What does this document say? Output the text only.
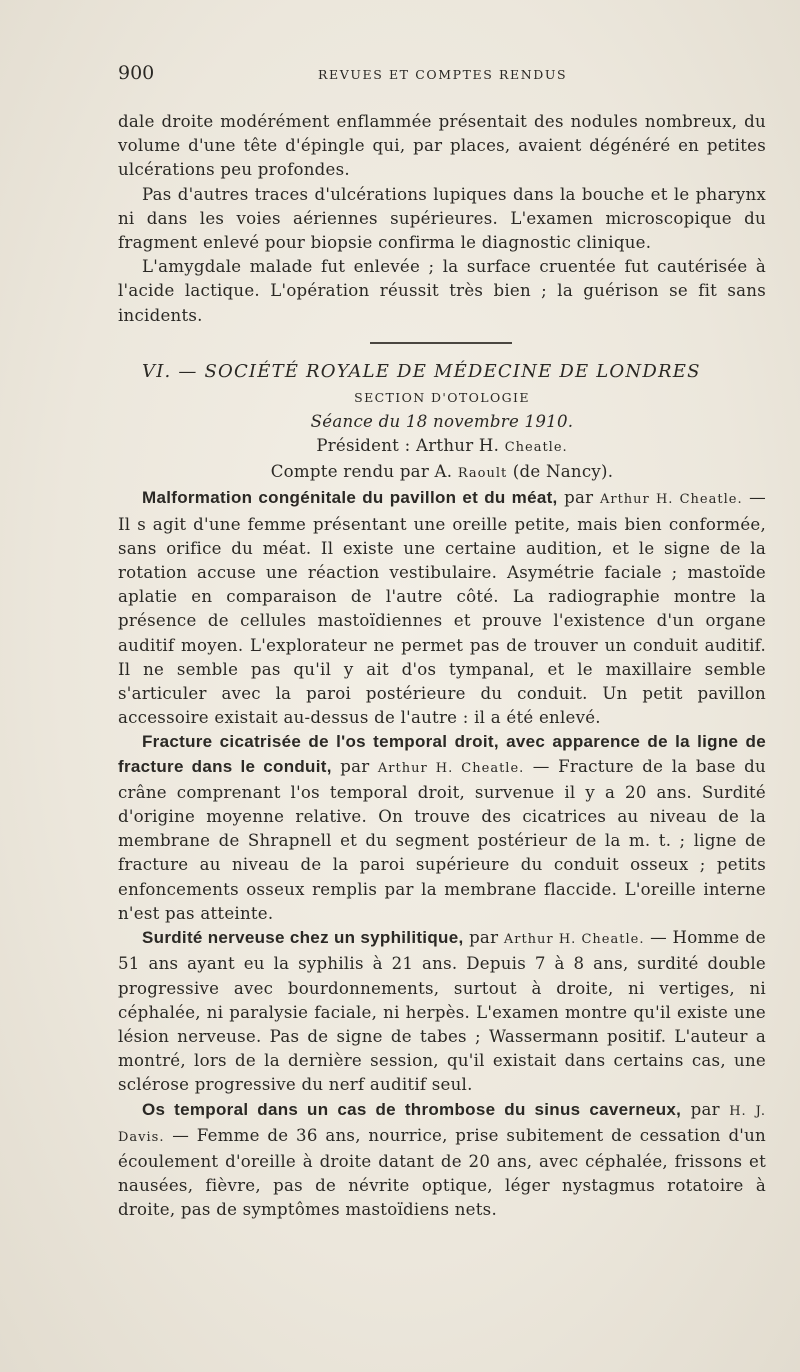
900	REVUES ET COMPTES RENDUS

dale droite modérément enflammée présentait des nodules nombreux, du volume d'une tête d'épingle qui, par places, avaient dégénéré en petites ulcérations peu profondes.

Pas d'autres traces d'ulcérations lupiques dans la bouche et le pharynx ni dans les voies aériennes supérieures. L'examen microscopique du fragment enlevé pour biopsie confirma le diagnostic clinique.

L'amygdale malade fut enlevée ; la surface cruentée fut cautérisée à l'acide lactique. L'opération réussit très bien ; la guérison se fit sans incidents.

VI. — SOCIÉTÉ ROYALE DE MÉDECINE DE LONDRES
SECTION D'OTOLOGIE
Séance du 18 novembre 1910.
Président : Arthur H. Cheatle.
Compte rendu par A. Raoult (de Nancy).

Malformation congénitale du pavillon et du méat, par Arthur H. Cheatle. — Il s agit d'une femme présentant une oreille petite, mais bien conformée, sans orifice du méat. Il existe une certaine audition, et le signe de la rotation accuse une réaction vestibulaire. Asymétrie faciale ; mastoïde aplatie en comparaison de l'autre côté. La radiographie montre la présence de cellules mastoïdiennes et prouve l'existence d'un organe auditif moyen. L'explorateur ne permet pas de trouver un conduit auditif. Il ne semble pas qu'il y ait d'os tympanal, et le maxillaire semble s'articuler avec la paroi postérieure du conduit. Un petit pavillon accessoire existait au-dessus de l'autre : il a été enlevé.

Fracture cicatrisée de l'os temporal droit, avec apparence de la ligne de fracture dans le conduit, par Arthur H. Cheatle. — Fracture de la base du crâne comprenant l'os temporal droit, survenue il y a 20 ans. Surdité d'origine moyenne relative. On trouve des cicatrices au niveau de la membrane de Shrapnell et du segment postérieur de la m. t. ; ligne de fracture au niveau de la paroi supérieure du conduit osseux ; petits enfoncements osseux remplis par la membrane flaccide. L'oreille interne n'est pas atteinte.

Surdité nerveuse chez un syphilitique, par Arthur H. Cheatle. — Homme de 51 ans ayant eu la syphilis à 21 ans. Depuis 7 à 8 ans, surdité double progressive avec bourdonnements, surtout à droite, ni vertiges, ni céphalée, ni paralysie faciale, ni herpès. L'examen montre qu'il existe une lésion nerveuse. Pas de signe de tabes ; Wassermann positif. L'auteur a montré, lors de la dernière session, qu'il existait dans certains cas, une sclérose progressive du nerf auditif seul.

Os temporal dans un cas de thrombose du sinus caverneux, par H. J. Davis. — Femme de 36 ans, nourrice, prise subitement de cessation d'un écoulement d'oreille à droite datant de 20 ans, avec céphalée, frissons et nausées, fièvre, pas de névrite optique, léger nystagmus rotatoire à droite, pas de symptômes mastoïdiens nets.
